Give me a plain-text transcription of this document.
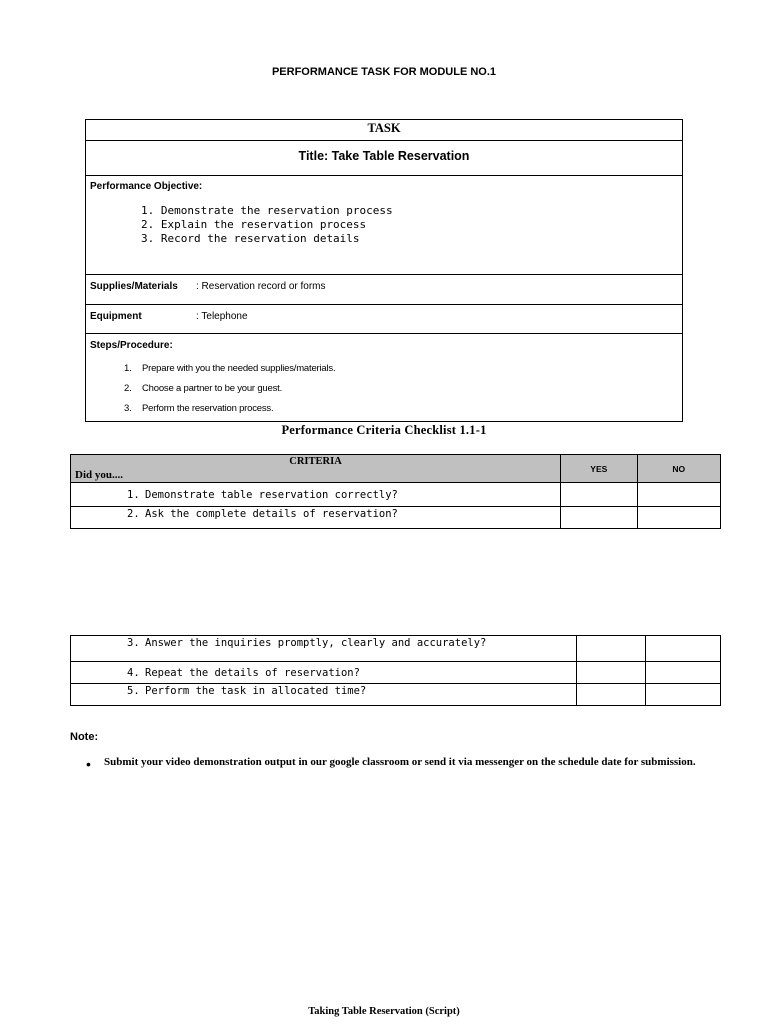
PERFORMANCE TASK FOR MODULE NO.1
TASK
Title: Take Table Reservation
Performance Objective:
1. Demonstrate the reservation process
2. Explain the reservation process
3. Record the reservation details
Supplies/Materials : Reservation record or forms
Equipment	: Telephone
Steps/Procedure:
1. Prepare with you the needed supplies/materials.
2. Choose a partner to be your guest.
3. Perform the reservation process.
Performance Criteria Checklist 1.1-1
CRITERIA
Did you....	YES	NO
1. Demonstrate table reservation correctly?		
2. Ask the complete details of reservation?		
3. Answer the inquiries promptly, clearly and accurately?		
4. Repeat the details of reservation?		
5. Perform the task in allocated time?		
Note:
• Submit your video demonstration output in our google classroom or send it via messenger on the schedule date for submission.
Taking Table Reservation (Script)
